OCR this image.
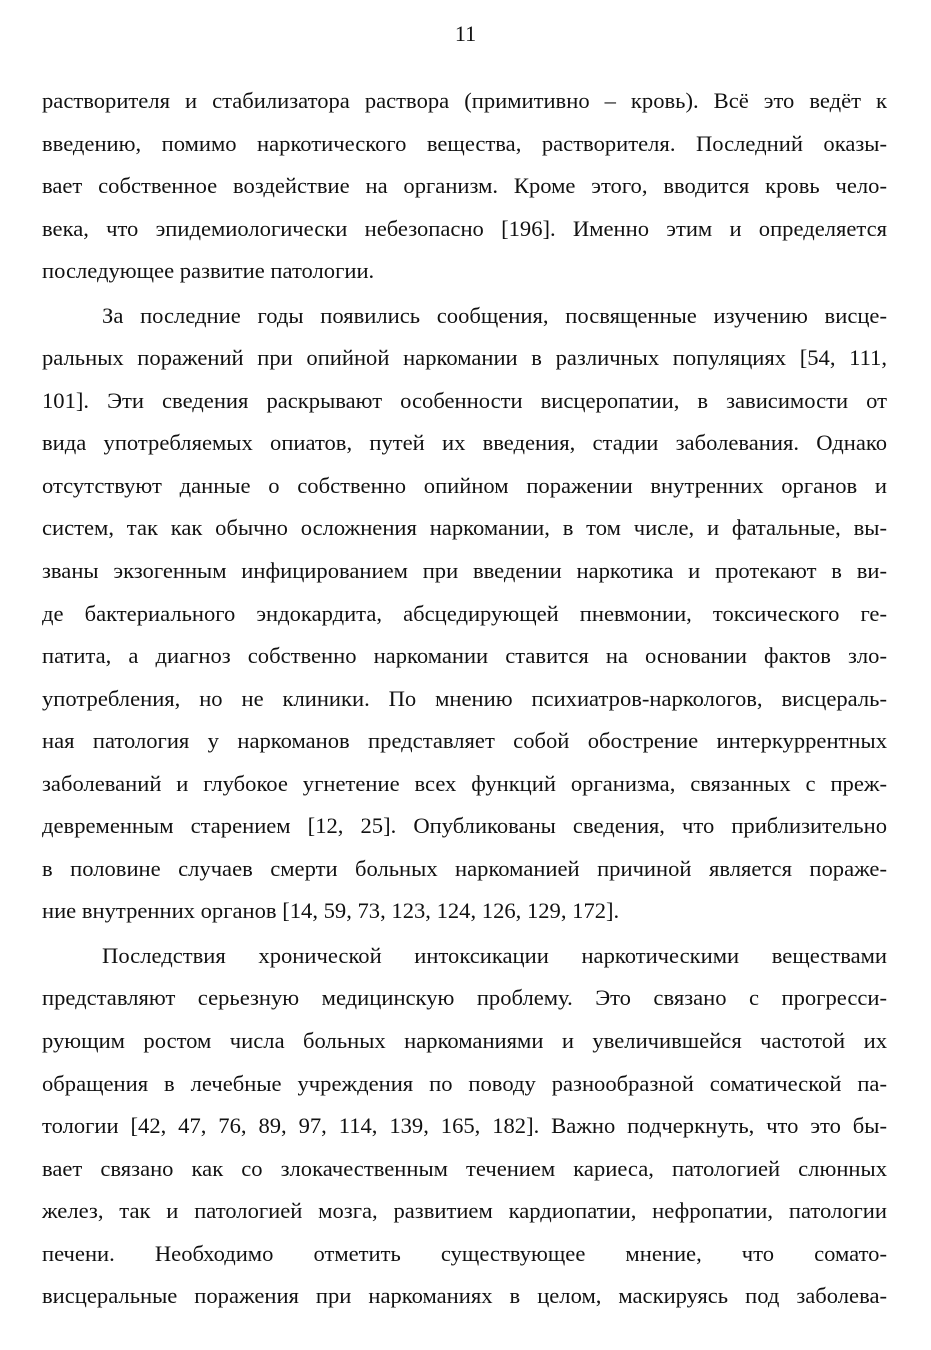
11
растворителя и стабилизатора раствора (примитивно – кровь). Всё это ведёт к
введению, помимо наркотического вещества, растворителя. Последний оказы-
вает собственное воздействие на организм. Кроме этого, вводится кровь чело-
века, что эпидемиологически небезопасно [196]. Именно этим и определяется
последующее развитие патологии.
За последние годы появились сообщения, посвященные изучению висце-
ральных поражений при опийной наркомании в различных популяциях [54, 111,
101]. Эти сведения раскрывают особенности висцеропатии, в зависимости от
вида употребляемых опиатов, путей их введения, стадии заболевания. Однако
отсутствуют данные о собственно опийном поражении внутренних органов и
систем, так как обычно осложнения наркомании, в том числе, и фатальные, вы-
званы экзогенным инфицированием при введении наркотика и протекают в ви-
де бактериального эндокардита, абсцедирующей пневмонии, токсического ге-
патита, а диагноз собственно наркомании ставится на основании фактов зло-
употребления, но не клиники. По мнению психиатров-наркологов, висцераль-
ная патология у наркоманов представляет собой обострение интеркуррентных
заболеваний и глубокое угнетение всех функций организма, связанных с преж-
девременным старением [12, 25]. Опубликованы сведения, что приблизительно
в половине случаев смерти больных наркоманией причиной является пораже-
ние внутренних органов [14, 59, 73, 123, 124, 126, 129, 172].
Последствия хронической интоксикации наркотическими веществами
представляют серьезную медицинскую проблему. Это связано с прогресси-
рующим ростом числа больных наркоманиями и увеличившейся частотой их
обращения в лечебные учреждения по поводу разнообразной соматической па-
тологии [42, 47, 76, 89, 97, 114, 139, 165, 182]. Важно подчеркнуть, что это бы-
вает связано как со злокачественным течением кариеса, патологией слюнных
желез, так и патологией мозга, развитием кардиопатии, нефропатии, патологии
печени. Необходимо отметить существующее мнение, что сомато-
висцеральные поражения при наркоманиях в целом, маскируясь под заболева-
